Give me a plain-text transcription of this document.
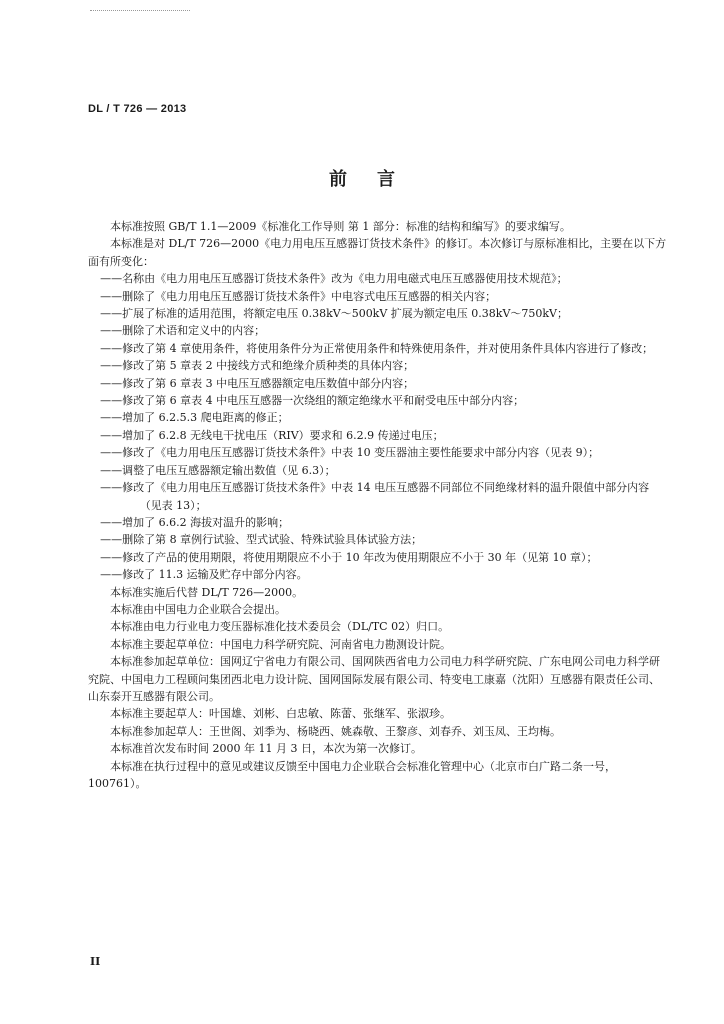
DL / T 726 — 2013
前言

本标准按照 GB/T 1.1—2009《标准化工作导则 第 1 部分：标准的结构和编写》的要求编写。

本标准是对 DL/T 726—2000《电力用电压互感器订货技术条件》的修订。本次修订与原标准相比，主要在以下方面有所变化：

——名称由《电力用电压互感器订货技术条件》改为《电力用电磁式电压互感器使用技术规范》；

——删除了《电力用电压互感器订货技术条件》中电容式电压互感器的相关内容；

——扩展了标准的适用范围，将额定电压 0.38kV～500kV 扩展为额定电压 0.38kV～750kV；

——删除了术语和定义中的内容；

——修改了第 4 章使用条件，将使用条件分为正常使用条件和特殊使用条件，并对使用条件具体内容进行了修改；

——修改了第 5 章表 2 中接线方式和绝缘介质种类的具体内容；

——修改了第 6 章表 3 中电压互感器额定电压数值中部分内容；

——修改了第 6 章表 4 中电压互感器一次绕组的额定绝缘水平和耐受电压中部分内容；

——增加了 6.2.5.3 爬电距离的修正；

——增加了 6.2.8 无线电干扰电压（RIV）要求和 6.2.9 传递过电压；

——修改了《电力用电压互感器订货技术条件》中表 10 变压器油主要性能要求中部分内容（见表 9）；

——调整了电压互感器额定输出数值（见 6.3）；

——修改了《电力用电压互感器订货技术条件》中表 14 电压互感器不同部位不同绝缘材料的温升限值中部分内容（见表 13）；

——增加了 6.6.2 海拔对温升的影响；

——删除了第 8 章例行试验、型式试验、特殊试验具体试验方法；

——修改了产品的使用期限，将使用期限应不小于 10 年改为使用期限应不小于 30 年（见第 10 章）；

——修改了 11.3 运输及贮存中部分内容。

本标准实施后代替 DL/T 726—2000。

本标准由中国电力企业联合会提出。

本标准由电力行业电力变压器标准化技术委员会（DL/TC 02）归口。

本标准主要起草单位：中国电力科学研究院、河南省电力勘测设计院。

本标准参加起草单位：国网辽宁省电力有限公司、国网陕西省电力公司电力科学研究院、广东电网公司电力科学研究院、中国电力工程顾问集团西北电力设计院、国网国际发展有限公司、特变电工康嘉（沈阳）互感器有限责任公司、山东泰开互感器有限公司。

本标准主要起草人：叶国雄、刘彬、白忠敏、陈蕾、张继军、张淑珍。

本标准参加起草人：王世阁、刘季为、杨晓西、姚森敬、王黎彦、刘春乔、刘玉凤、王均梅。

本标准首次发布时间 2000 年 11 月 3 日，本次为第一次修订。

本标准在执行过程中的意见或建议反馈至中国电力企业联合会标准化管理中心（北京市白广路二条一号，100761）。

II
